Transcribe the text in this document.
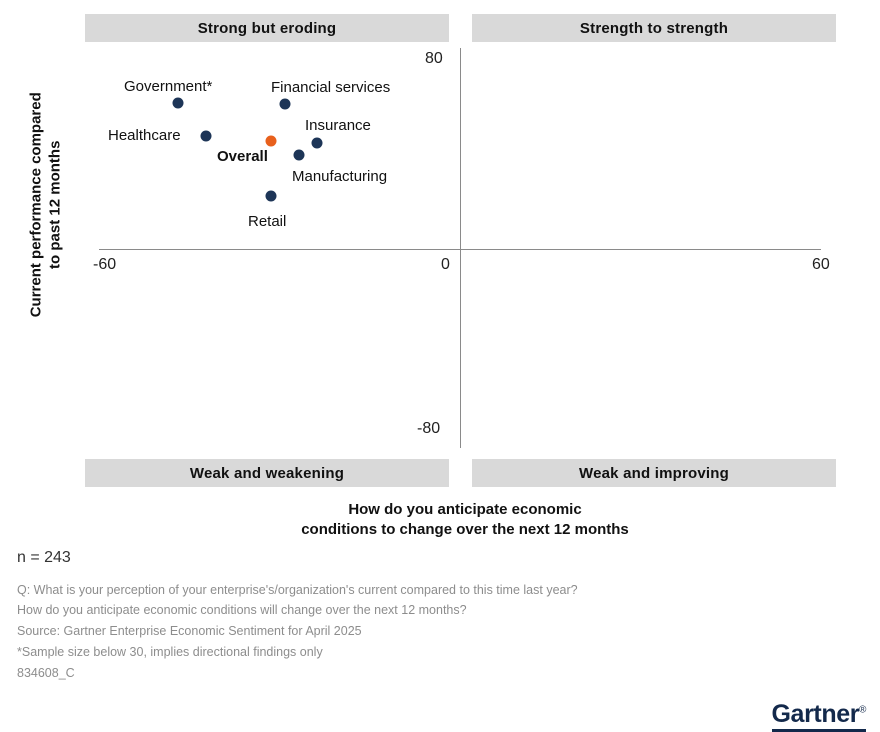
Strong but eroding	Strength to strength
Weak and weakening	Weak and improving
-60	0	60
80
-80
Government*	Financial services
Healthcare
Insurance
Overall
Manufacturing
Retail
Current performance compared to past 12 months
How do you anticipate economic
conditions to change over the next 12 months
n = 243
Q: What is your perception of your enterprise's/organization's current compared to this time last year?
How do you anticipate economic conditions will change over the next 12 months?
Source: Gartner Enterprise Economic Sentiment for April 2025
*Sample size below 30, implies directional findings only
834608_C
Gartner®
